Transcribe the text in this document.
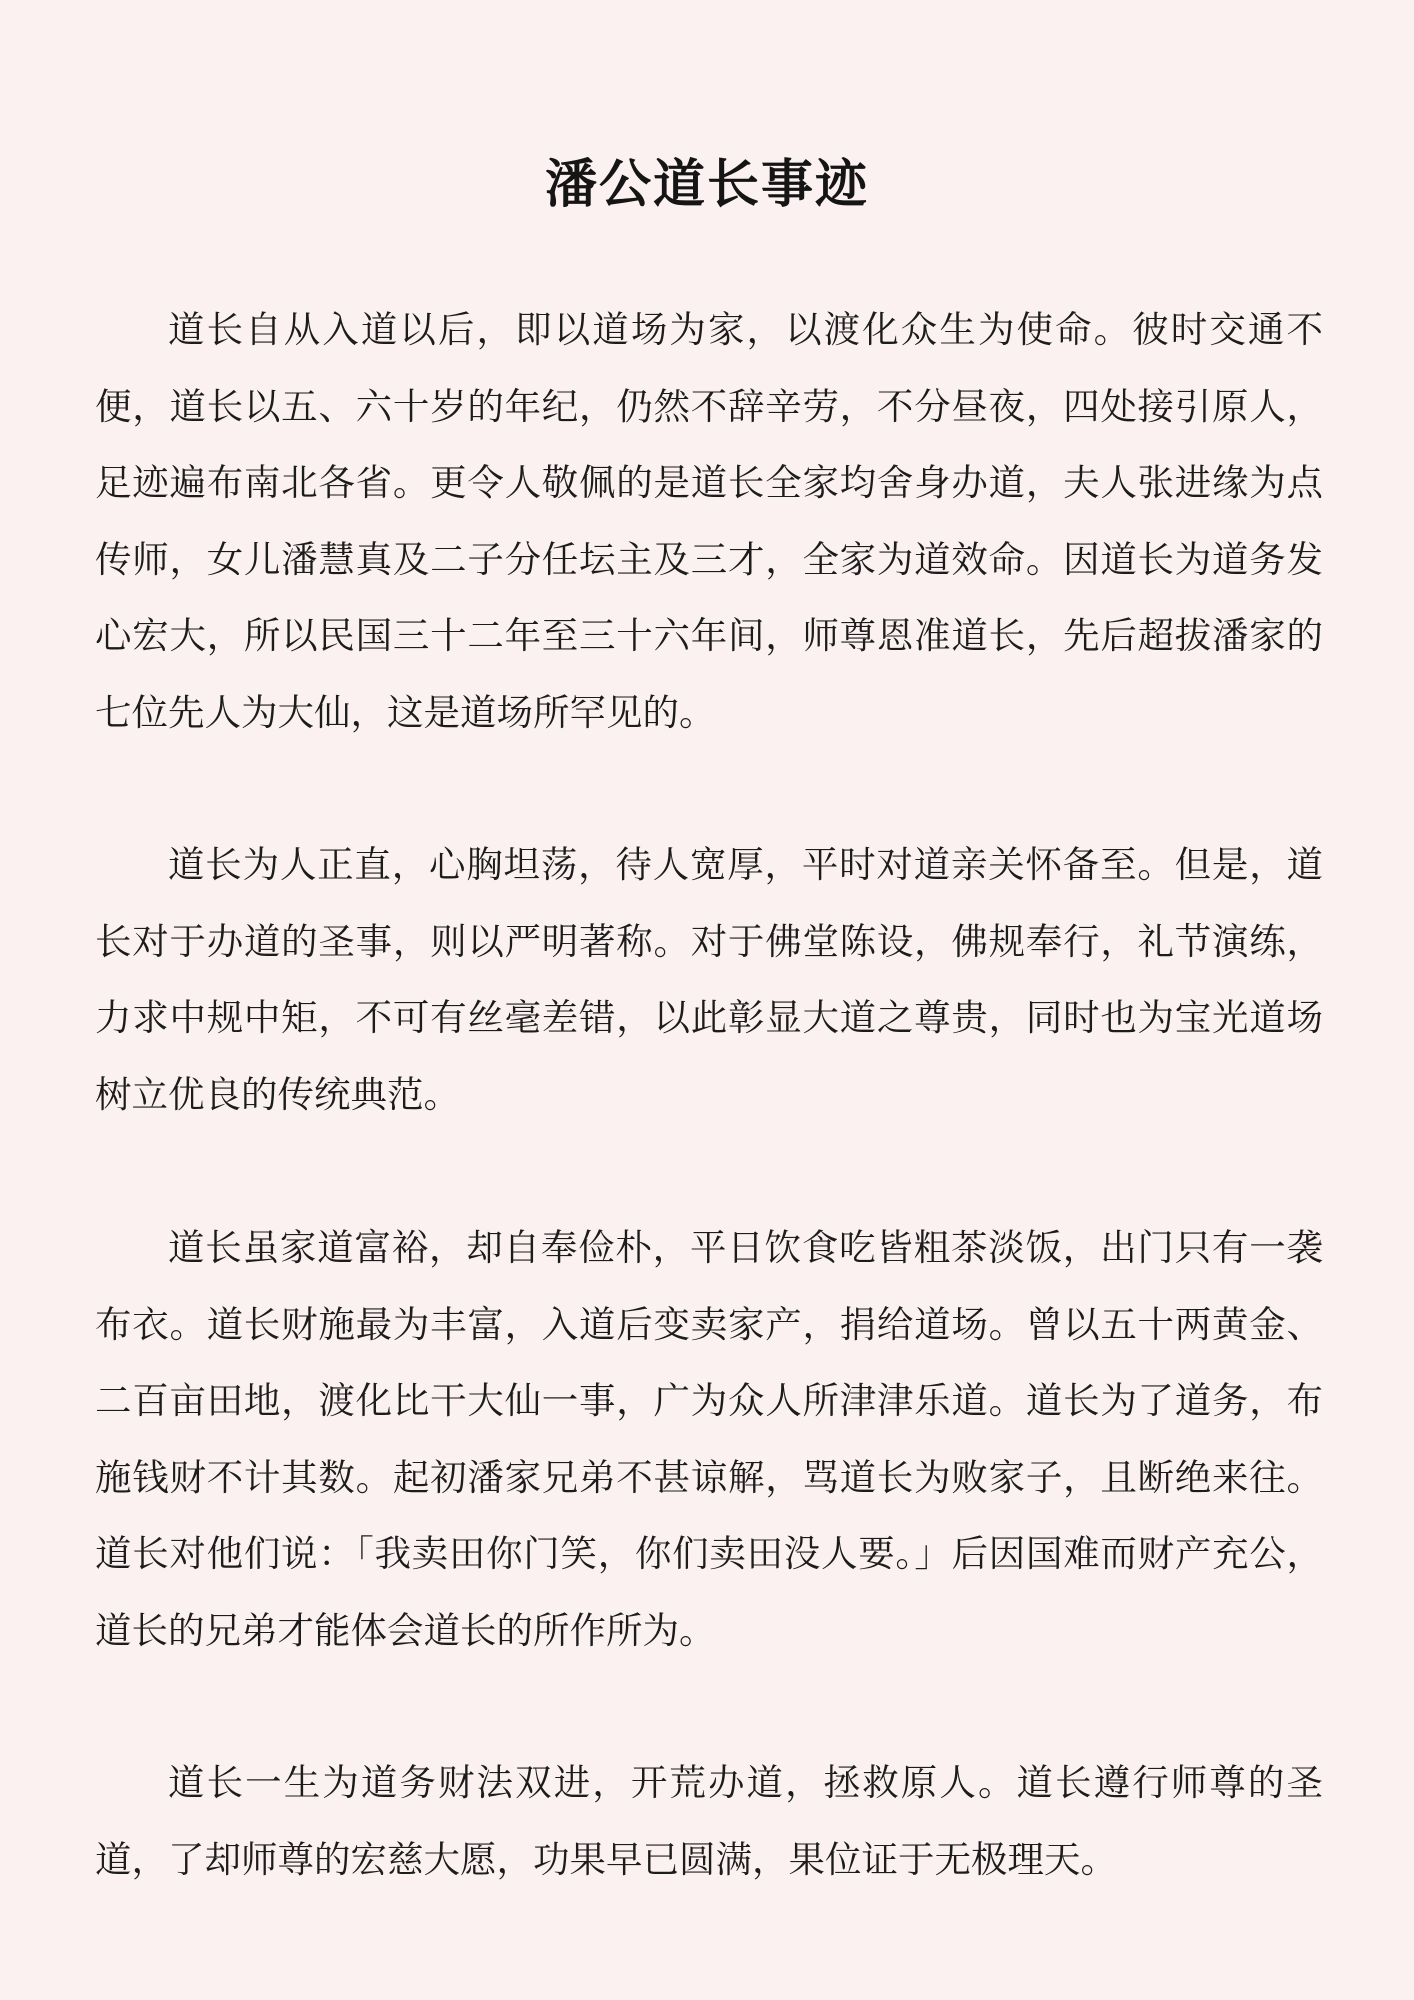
潘公道长事迹

道长自从入道以后，即以道场为家，以渡化众生为使命。彼时交通不便，道长以五、六十岁的年纪，仍然不辞辛劳，不分昼夜，四处接引原人，足迹遍布南北各省。更令人敬佩的是道长全家均舍身办道，夫人张进缘为点传师，女儿潘慧真及二子分任坛主及三才，全家为道效命。因道长为道务发心宏大，所以民国三十二年至三十六年间，师尊恩准道长，先后超拔潘家的七位先人为大仙，这是道场所罕见的。

道长为人正直，心胸坦荡，待人宽厚，平时对道亲关怀备至。但是，道长对于办道的圣事，则以严明著称。对于佛堂陈设，佛规奉行，礼节演练，力求中规中矩，不可有丝毫差错，以此彰显大道之尊贵，同时也为宝光道场树立优良的传统典范。

道长虽家道富裕，却自奉俭朴，平日饮食吃皆粗茶淡饭，出门只有一袭布衣。道长财施最为丰富，入道后变卖家产，捐给道场。曾以五十两黄金、二百亩田地，渡化比干大仙一事，广为众人所津津乐道。道长为了道务，布施钱财不计其数。起初潘家兄弟不甚谅解，骂道长为败家子，且断绝来往。道长对他们说：「我卖田你门笑，你们卖田没人要。」后因国难而财产充公，道长的兄弟才能体会道长的所作所为。

道长一生为道务财法双进，开荒办道，拯救原人。道长遵行师尊的圣道，了却师尊的宏慈大愿，功果早已圆满，果位证于无极理天。
